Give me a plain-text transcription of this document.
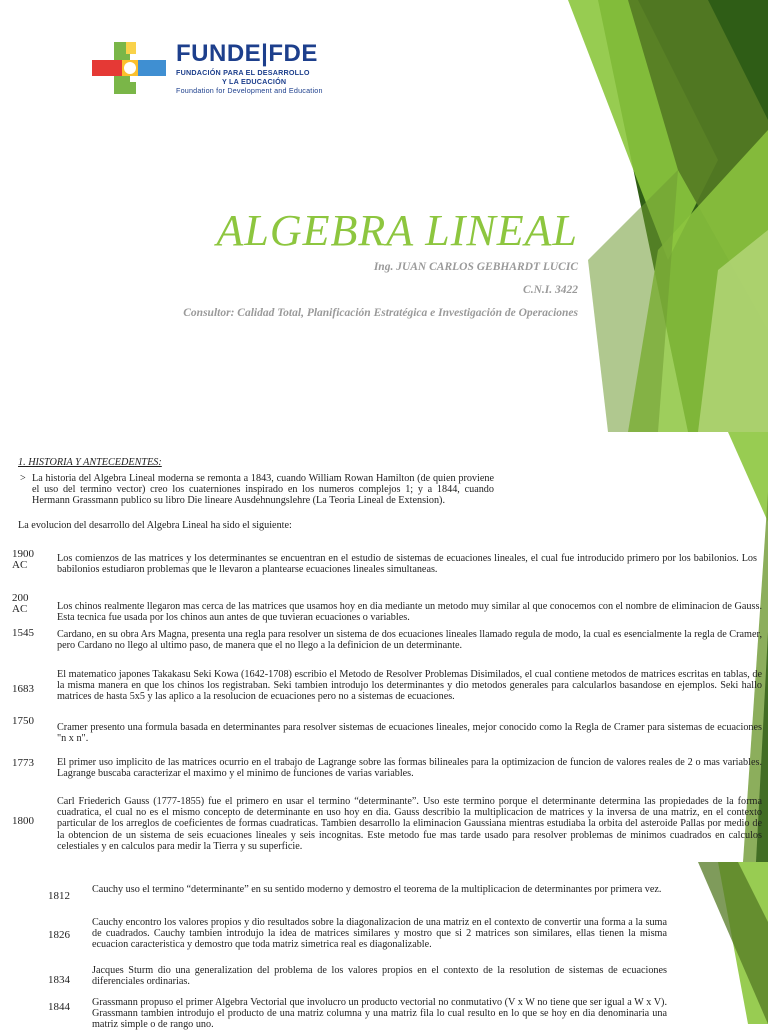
FUNDE|FDE
FUNDACIÓN PARA EL DESARROLLO
Y LA EDUCACIÓN
Foundation for Development and Education
ALGEBRA LINEAL
Ing. JUAN CARLOS GEBHARDT LUCIC
C.N.I. 3422
Consultor: Calidad Total, Planificación Estratégica e Investigación de Operaciones
1. HISTORIA Y ANTECEDENTES:
> La historia del Algebra Lineal moderna se remonta a 1843, cuando William Rowan Hamilton (de quien proviene el uso del termino vector) creo los cuaterniones inspirado en los numeros complejos 1; y a 1844, cuando Hermann Grassmann publico su libro Die lineare Ausdehnungslehre (La Teoria Lineal de Extension).
La evolucion del desarrollo del Algebra Lineal ha sido el siguiente:
1900
AC
Los comienzos de las matrices y los determinantes se encuentran en el estudio de sistemas de ecuaciones lineales, el cual fue introducido primero por los babilonios. Los babilonios estudiaron problemas que le llevaron a plantearse ecuaciones lineales simultaneas.
200
AC	Los chinos realmente llegaron mas cerca de las matrices que usamos hoy en dia mediante un metodo muy similar al que conocemos con el nombre de eliminacion de Gauss. Esta tecnica fue usada por los chinos aun antes de que tuvieran ecuaciones o variables.
1545 Cardano, en su obra Ars Magna, presenta una regla para resolver un sistema de dos ecuaciones lineales llamado regula de modo, la cual es esencialmente la regla de Cramer, pero Cardano no llego al ultimo paso, de manera que el no llego a la definicion de un determinante.
1683
El matematico japones Takakasu Seki Kowa (1642-1708) escribio el Metodo de Resolver Problemas Disimilados, el cual contiene metodos de matrices escritas en tablas, de la misma manera en que los chinos los registraban. Seki tambien introdujo los determinantes y dio metodos generales para calcularlos basandose en ejemplos. Seki hallo matrices de hasta 5x5 y las aplico a la resolucion de ecuaciones pero no a sistemas de ecuaciones.
1750
Cramer presento una formula basada en determinantes para resolver sistemas de ecuaciones lineales, mejor conocido como la Regla de Cramer para sistemas de ecuaciones "n x n".
1773 El primer uso implicito de las matrices ocurrio en el trabajo de Lagrange sobre las formas bilineales para la optimizacion de funcion de valores reales de 2 o mas variables. Lagrange buscaba caracterizar el maximo y el minimo de funciones de varias variables.
1800
Carl Friederich Gauss (1777-1855) fue el primero en usar el termino “determinante”. Uso este termino porque el determinante determina las propiedades de la forma cuadratica, el cual no es el mismo concepto de determinante en uso hoy en dia. Gauss describio la multiplicacion de matrices y la inversa de una matriz, en el contexto particular de los arreglos de coeficientes de formas cuadraticas. Tambien desarrollo la eliminacion Gaussiana mientras estudiaba la orbita del asteroide Pallas por medio de la obtencion de un sistema de seis ecuaciones lineales y seis incognitas. Este metodo fue mas tarde usado para resolver problemas de minimos cuadrados en calculos celestiales y en calculos para medir la Tierra y su superficie.
1812
Cauchy uso el termino “determinante” en su sentido moderno y demostro el teorema de la multiplicacion de determinantes por primera vez.
1826
Cauchy encontro los valores propios y dio resultados sobre la diagonalizacion de una matriz en el contexto de convertir una forma a la suma de cuadrados. Cauchy tambien introdujo la idea de matrices similares y mostro que si 2 matrices son similares, ellas tienen la misma ecuacion caracteristica y demostro que toda matriz simetrica real es diagonalizable.
1834
Jacques Sturm dio una generalization del problema de los valores propios en el contexto de la resolution de sistemas de ecuaciones diferenciales ordinarias.
1844 Grassmann propuso el primer Algebra Vectorial que involucro un producto vectorial no conmutativo (V x W no tiene que ser igual a W x V). Grassmann tambien introdujo el producto de una matriz columna y una matriz fila lo cual resulto en lo que se hoy en dia denominaria una matriz simple o de rango uno.
